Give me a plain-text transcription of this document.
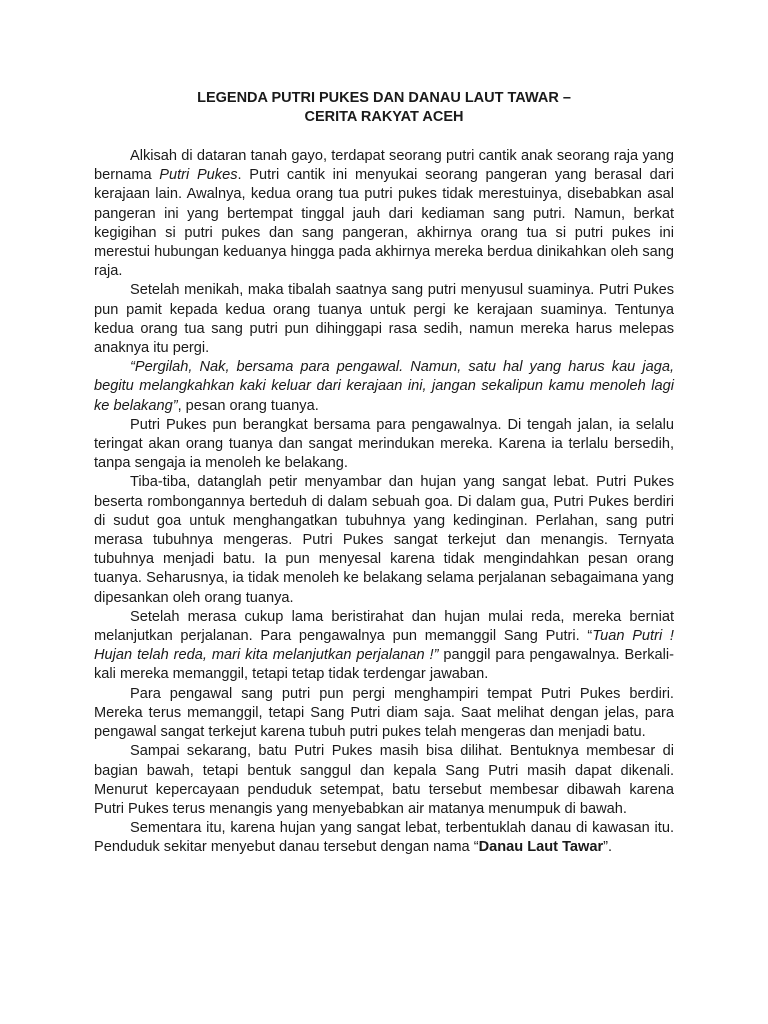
LEGENDA PUTRI PUKES DAN DANAU LAUT TAWAR –
CERITA RAKYAT ACEH

Alkisah di dataran tanah gayo, terdapat seorang putri cantik anak seorang raja yang bernama Putri Pukes. Putri cantik ini menyukai seorang pangeran yang berasal dari kerajaan lain. Awalnya, kedua orang tua putri pukes tidak merestuinya, disebabkan asal pangeran ini yang bertempat tinggal jauh dari kediaman sang putri. Namun, berkat kegigihan si putri pukes dan sang pangeran, akhirnya orang tua si putri pukes ini merestui hubungan keduanya hingga pada akhirnya mereka berdua dinikahkan oleh sang raja.

Setelah menikah, maka tibalah saatnya sang putri menyusul suaminya. Putri Pukes pun pamit kepada kedua orang tuanya untuk pergi ke kerajaan suaminya. Tentunya kedua orang tua sang putri pun dihinggapi rasa sedih, namun mereka harus melepas anaknya itu pergi.

“Pergilah, Nak, bersama para pengawal. Namun, satu hal yang harus kau jaga, begitu melangkahkan kaki keluar dari kerajaan ini, jangan sekalipun kamu menoleh lagi ke belakang”, pesan orang tuanya.

Putri Pukes pun berangkat bersama para pengawalnya. Di tengah jalan, ia selalu teringat akan orang tuanya dan sangat merindukan mereka. Karena ia terlalu bersedih, tanpa sengaja ia menoleh ke belakang.

Tiba-tiba, datanglah petir menyambar dan hujan yang sangat lebat. Putri Pukes beserta rombongannya berteduh di dalam sebuah goa. Di dalam gua, Putri Pukes berdiri di sudut goa untuk menghangatkan tubuhnya yang kedinginan. Perlahan, sang putri merasa tubuhnya mengeras. Putri Pukes sangat terkejut dan menangis. Ternyata tubuhnya menjadi batu. Ia pun menyesal karena tidak mengindahkan pesan orang tuanya. Seharusnya, ia tidak menoleh ke belakang selama perjalanan sebagaimana yang dipesankan oleh orang tuanya.

Setelah merasa cukup lama beristirahat dan hujan mulai reda, mereka berniat melanjutkan perjalanan. Para pengawalnya pun memanggil Sang Putri. “Tuan Putri ! Hujan telah reda, mari kita melanjutkan perjalanan !” panggil para pengawalnya. Berkali-kali mereka memanggil, tetapi tetap tidak terdengar jawaban.

Para pengawal sang putri pun pergi menghampiri tempat Putri Pukes berdiri. Mereka terus memanggil, tetapi Sang Putri diam saja. Saat melihat dengan jelas, para pengawal sangat terkejut karena tubuh putri pukes telah mengeras dan menjadi batu.

Sampai sekarang, batu Putri Pukes masih bisa dilihat. Bentuknya membesar di bagian bawah, tetapi bentuk sanggul dan kepala Sang Putri masih dapat dikenali. Menurut kepercayaan penduduk setempat, batu tersebut membesar dibawah karena Putri Pukes terus menangis yang menyebabkan air matanya menumpuk di bawah.

Sementara itu, karena hujan yang sangat lebat, terbentuklah danau di kawasan itu. Penduduk sekitar menyebut danau tersebut dengan nama “Danau Laut Tawar”.
